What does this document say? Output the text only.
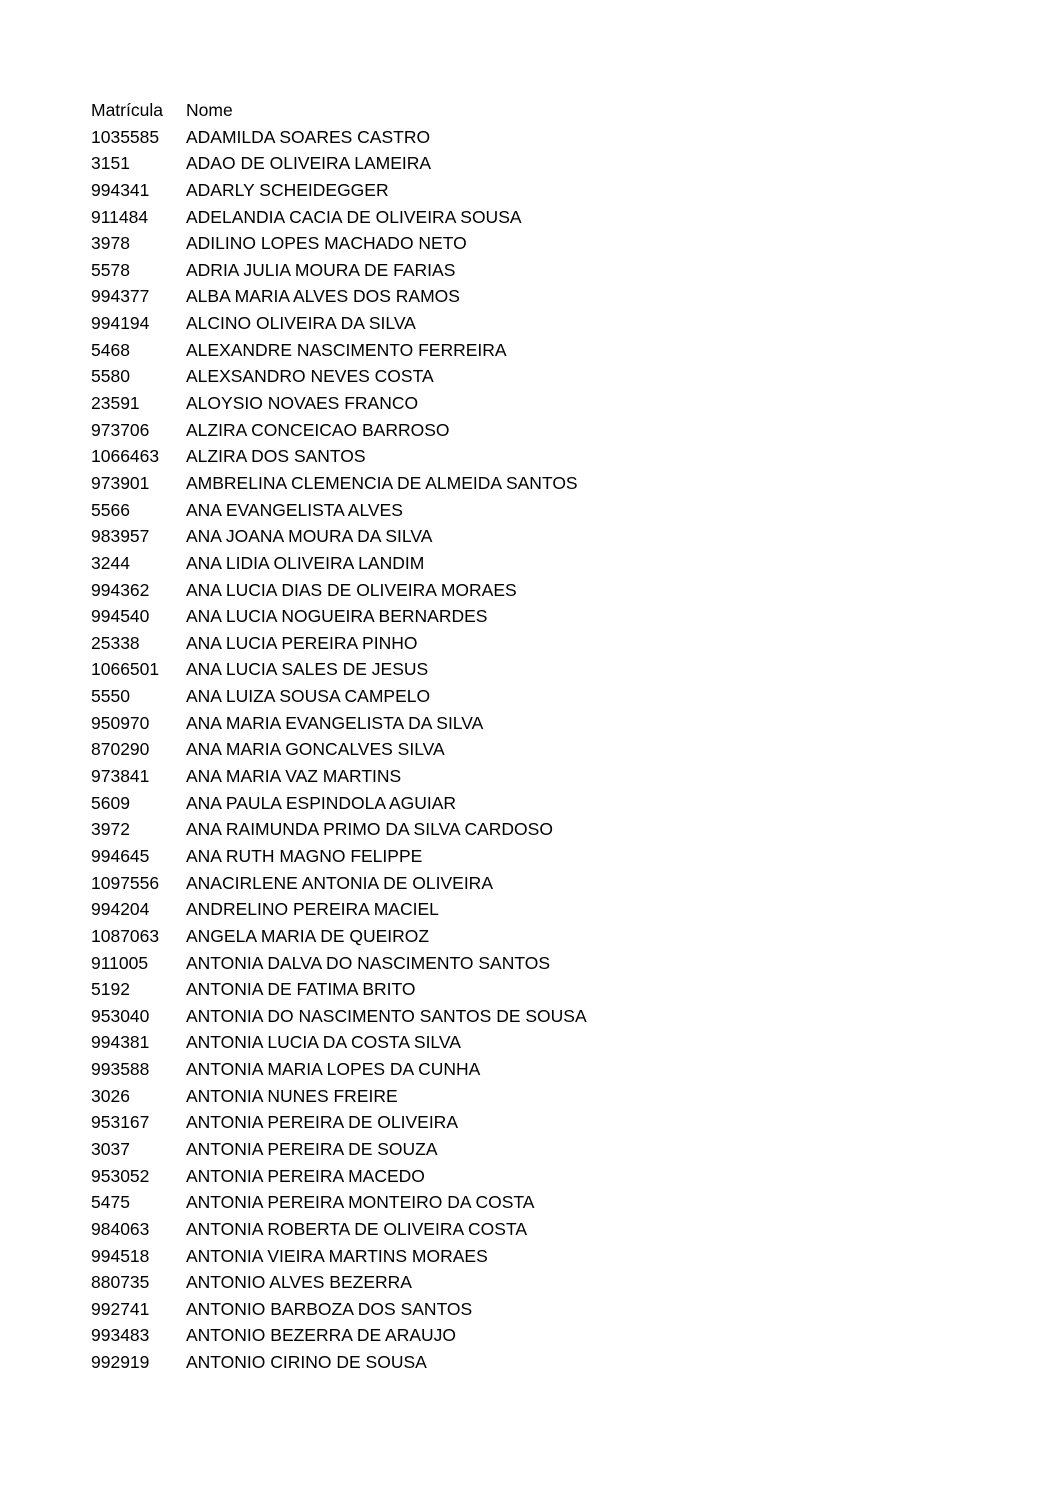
Matrícula	Nome
1035585	ADAMILDA SOARES CASTRO
3151	ADAO DE OLIVEIRA LAMEIRA
994341	ADARLY SCHEIDEGGER
911484	ADELANDIA CACIA DE OLIVEIRA SOUSA
3978	ADILINO LOPES MACHADO NETO
5578	ADRIA JULIA MOURA DE FARIAS
994377	ALBA MARIA ALVES DOS RAMOS
994194	ALCINO OLIVEIRA DA SILVA
5468	ALEXANDRE NASCIMENTO FERREIRA
5580	ALEXSANDRO NEVES COSTA
23591	ALOYSIO NOVAES FRANCO
973706	ALZIRA CONCEICAO BARROSO
1066463	ALZIRA DOS SANTOS
973901	AMBRELINA CLEMENCIA DE ALMEIDA SANTOS
5566	ANA EVANGELISTA ALVES
983957	ANA JOANA MOURA DA SILVA
3244	ANA LIDIA OLIVEIRA LANDIM
994362	ANA LUCIA DIAS DE OLIVEIRA MORAES
994540	ANA LUCIA NOGUEIRA BERNARDES
25338	ANA LUCIA PEREIRA PINHO
1066501	ANA LUCIA SALES DE JESUS
5550	ANA LUIZA SOUSA CAMPELO
950970	ANA MARIA EVANGELISTA DA SILVA
870290	ANA MARIA GONCALVES SILVA
973841	ANA MARIA VAZ MARTINS
5609	ANA PAULA ESPINDOLA AGUIAR
3972	ANA RAIMUNDA PRIMO DA SILVA CARDOSO
994645	ANA RUTH MAGNO FELIPPE
1097556	ANACIRLENE ANTONIA DE OLIVEIRA
994204	ANDRELINO PEREIRA MACIEL
1087063	ANGELA MARIA DE QUEIROZ
911005	ANTONIA DALVA DO NASCIMENTO SANTOS
5192	ANTONIA DE FATIMA BRITO
953040	ANTONIA DO NASCIMENTO SANTOS DE SOUSA
994381	ANTONIA LUCIA DA COSTA SILVA
993588	ANTONIA MARIA LOPES DA CUNHA
3026	ANTONIA NUNES FREIRE
953167	ANTONIA PEREIRA DE OLIVEIRA
3037	ANTONIA PEREIRA DE SOUZA
953052	ANTONIA PEREIRA MACEDO
5475	ANTONIA PEREIRA MONTEIRO DA COSTA
984063	ANTONIA ROBERTA DE OLIVEIRA COSTA
994518	ANTONIA VIEIRA MARTINS MORAES
880735	ANTONIO ALVES BEZERRA
992741	ANTONIO BARBOZA DOS SANTOS
993483	ANTONIO BEZERRA DE ARAUJO
992919	ANTONIO CIRINO DE SOUSA
